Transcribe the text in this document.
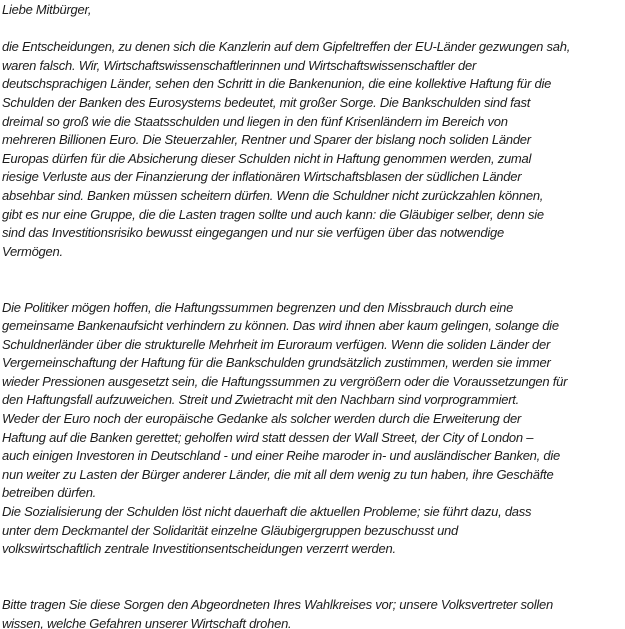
Liebe Mitbürger,
die Entscheidungen, zu denen sich die Kanzlerin auf dem Gipfeltreffen der EU-Länder gezwungen sah,
waren falsch. Wir, Wirtschaftswissenschaftlerinnen und Wirtschaftswissenschaftler der
deutschsprachigen Länder, sehen den Schritt in die Bankenunion, die eine kollektive Haftung für die
Schulden der Banken des Eurosystems bedeutet, mit großer Sorge. Die Bankschulden sind fast
dreimal so groß wie die Staatsschulden und liegen in den fünf Krisenländern im Bereich von
mehreren Billionen Euro. Die Steuerzahler, Rentner und Sparer der bislang noch soliden Länder
Europas dürfen für die Absicherung dieser Schulden nicht in Haftung genommen werden, zumal
riesige Verluste aus der Finanzierung der inflationären Wirtschaftsblasen der südlichen Länder
absehbar sind. Banken müssen scheitern dürfen. Wenn die Schuldner nicht zurückzahlen können,
gibt es nur eine Gruppe, die die Lasten tragen sollte und auch kann: die Gläubiger selber, denn sie
sind das Investitionsrisiko bewusst eingegangen und nur sie verfügen über das notwendige
Vermögen.
Die Politiker mögen hoffen, die Haftungssummen begrenzen und den Missbrauch durch eine
gemeinsame Bankenaufsicht verhindern zu können. Das wird ihnen aber kaum gelingen, solange die
Schuldnerländer über die strukturelle Mehrheit im Euroraum verfügen. Wenn die soliden Länder der
Vergemeinschaftung der Haftung für die Bankschulden grundsätzlich zustimmen, werden sie immer
wieder Pressionen ausgesetzt sein, die Haftungssummen zu vergrößern oder die Voraussetzungen für
den Haftungsfall aufzuweichen. Streit und Zwietracht mit den Nachbarn sind vorprogrammiert.
Weder der Euro noch der europäische Gedanke als solcher werden durch die Erweiterung der
Haftung auf die Banken gerettet; geholfen wird statt dessen der Wall Street, der City of London –
auch einigen Investoren in Deutschland - und einer Reihe maroder in- und ausländischer Banken, die
nun weiter zu Lasten der Bürger anderer Länder, die mit all dem wenig zu tun haben, ihre Geschäfte
betreiben dürfen.
Die Sozialisierung der Schulden löst nicht dauerhaft die aktuellen Probleme; sie führt dazu, dass
unter dem Deckmantel der Solidarität einzelne Gläubigergruppen bezuschusst und
volkswirtschaftlich zentrale Investitionsentscheidungen verzerrt werden.
Bitte tragen Sie diese Sorgen den Abgeordneten Ihres Wahlkreises vor; unsere Volksvertreter sollen
wissen, welche Gefahren unserer Wirtschaft drohen.
